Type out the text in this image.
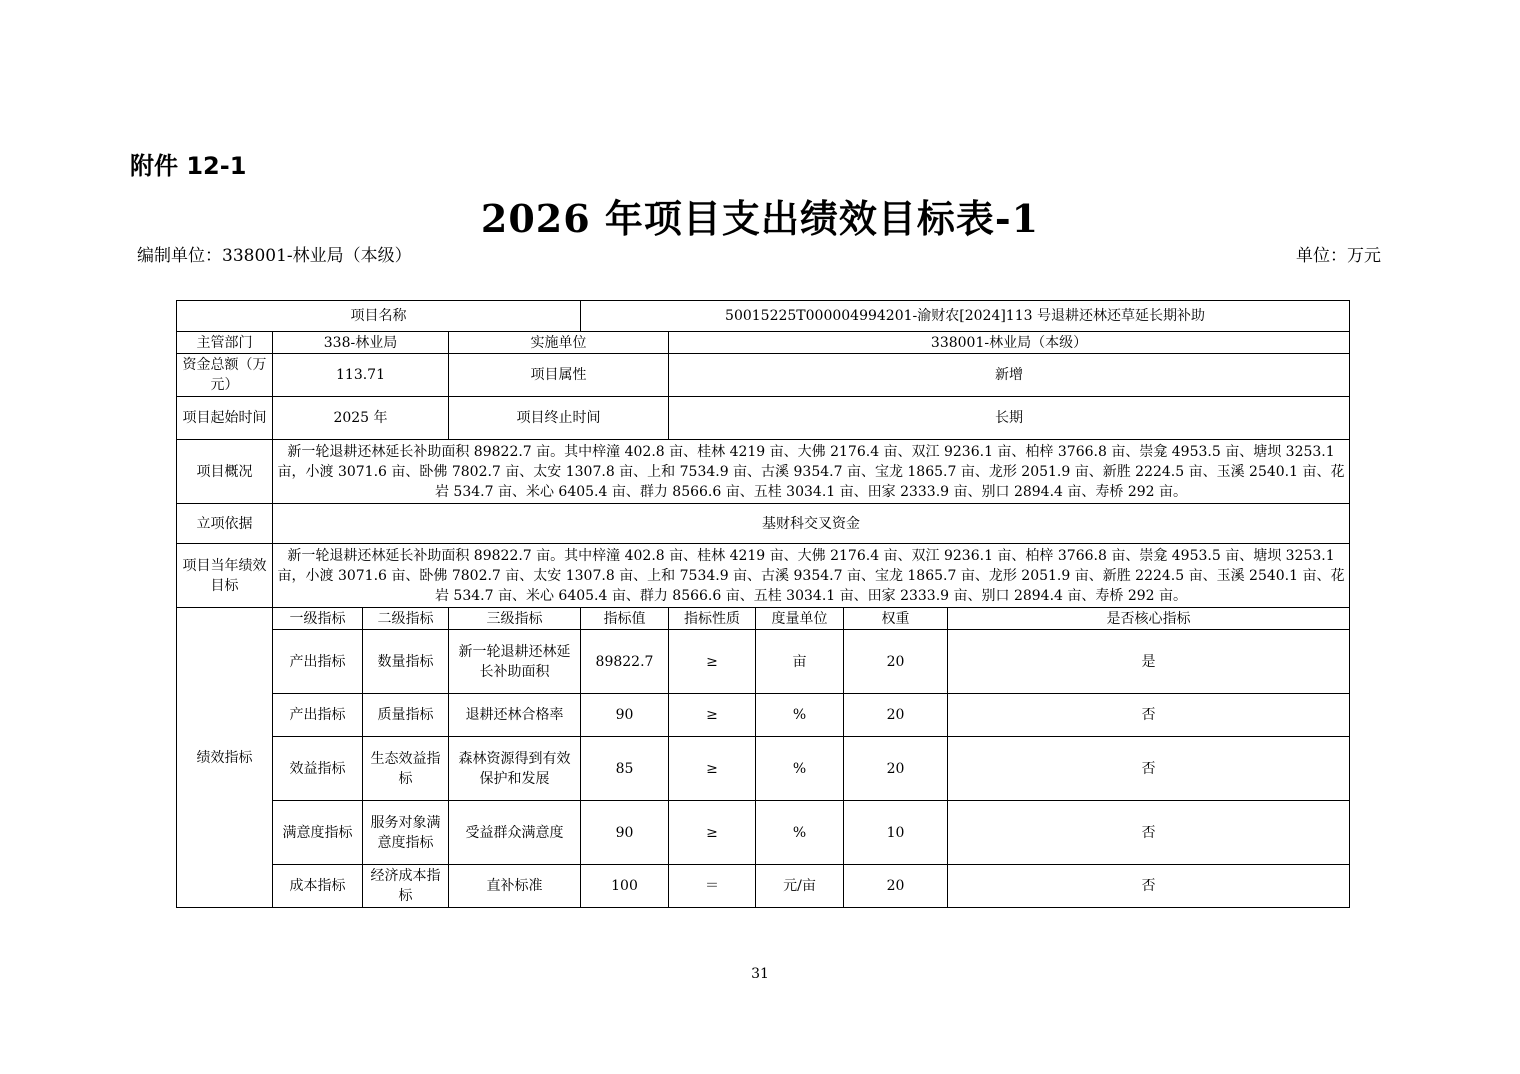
附件 12-1
2026 年项目支出绩效目标表-1
编制单位：338001-林业局（本级）	单位：万元
项目名称				50015225T000004994201-渝财农[2024]113 号退耕还林还草延长期补助				
主管部门	338-林业局		实施单位		338001-林业局（本级）			
资金总额（万元）	113.71		项目属性		新增			
项目起始时间	2025 年		项目终止时间		长期			
项目概况	新一轮退耕还林延长补助面积 89822.7 亩。其中梓潼 402.8 亩、桂林 4219 亩、大佛 2176.4 亩、双江 9236.1 亩、柏梓 3766.8 亩、崇龛 4953.5 亩、塘坝 3253.1 亩，小渡 3071.6 亩、卧佛 7802.7 亩、太安 1307.8 亩、上和 7534.9 亩、古溪 9354.7 亩、宝龙 1865.7 亩、龙形 2051.9 亩、新胜 2224.5 亩、玉溪 2540.1 亩、花岩 534.7 亩、米心 6405.4 亩、群力 8566.6 亩、五桂 3034.1 亩、田家 2333.9 亩、别口 2894.4 亩、寿桥 292 亩。							
立项依据	基财科交叉资金							
项目当年绩效目标	新一轮退耕还林延长补助面积 89822.7 亩。其中梓潼 402.8 亩、桂林 4219 亩、大佛 2176.4 亩、双江 9236.1 亩、柏梓 3766.8 亩、崇龛 4953.5 亩、塘坝 3253.1 亩，小渡 3071.6 亩、卧佛 7802.7 亩、太安 1307.8 亩、上和 7534.9 亩、古溪 9354.7 亩、宝龙 1865.7 亩、龙形 2051.9 亩、新胜 2224.5 亩、玉溪 2540.1 亩、花岩 534.7 亩、米心 6405.4 亩、群力 8566.6 亩、五桂 3034.1 亩、田家 2333.9 亩、别口 2894.4 亩、寿桥 292 亩。							
绩效指标	一级指标	二级指标	三级指标	指标值	指标性质	度量单位	权重	是否核心指标
	产出指标	数量指标	新一轮退耕还林延长补助面积	89822.7	≥	亩	20	是
	产出指标	质量指标	退耕还林合格率	90	≥	%	20	否
	效益指标	生态效益指标	森林资源得到有效保护和发展	85	≥	%	20	否
	满意度指标	服务对象满意度指标	受益群众满意度	90	≥	%	10	否
	成本指标	经济成本指标	直补标准	100	＝	元/亩	20	否
31
